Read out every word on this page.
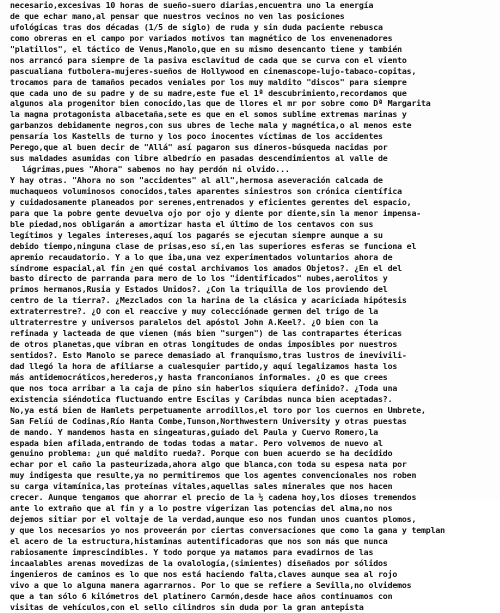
necesario,excesivas 10 horas de sueño-suero diarias,encuentra uno la energía
de que echar mano,al pensar que nuestros vecinos no ven las posiciones
ufológicas tras dos décadas (1/5 de siglo) de ruda y sin duda paciente rebusca
como obreras en el campo por variados motivos tan magnético de los envenenadores
"platillos", el táctico de Venus,Manolo,que en su mismo desencanto tiene y también
nos arrancó para siempre de la pasiva esclavitud de cada que se curva con el viento
pascualiana futbolera-mujeres-sueños de Hollywood en cinemascope-lujo-tabaco-copitas,
trocamos para de tamaños pecados veniales por los muy maldito "discos" para siempre
que cada uno de su padre y de su madre,este fue el 1ª descubrimiento,recordamos que
algunos ala progenitor bien conocido,las que de llores el mr por sobre como Dª Margarita
la magna protagonista albacetaña,sete es que en el somos sublime extremas marinas y
garbanzos debidamente negros,con sus ubres de leche mala y magnética,o al menos este
pensaría los Kastells de turno y los poco inocentes víctimas de los accidentes
Perego,que al buen decir de "Allá" así pagaron sus dineros-búsqueda nacidas por
sus maldades asumidas con libre albedrío en pasadas descendimientos al valle de
lágrimas,pues "Ahora" sabemos no hay perdón ni olvido...
Y hay otras. "Ahora no son "accidentes" al all",hermosa aseveración calcada de
muchaqueos voluminosos conocidos,tales aparentes siniestros son crónica científica
y cuidadosamente planeados por serenes,entrenados y eficientes gerentes del espacio,
para que la pobre gente devuelva ojo por ojo y diente por diente,sin la menor impensa-
ble piedad,nos obligarán a amortizar hasta el último de los centavos con sus
legítimos y legales intereses,aquí los pagarés se ejecutan siempre aunque a su
debido tiempo,ninguna clase de prisas,eso sí,en las superiores esferas se funciona el
apremio recaudatorio. Y a lo que iba,una vez experimentados voluntarios ahora de
síndrome espacial,al fin ¿en qué costal archivamos los amados Objetos?. ¿En el del
basto directo de parranda para mero de lo los "identificados" nubes,aerolitos y
primos hermanos,Rusia y Estados Unidos?. ¿Con la triquilla de los proviendo del
centro de la tierra?. ¿Mezclados con la harina de la clásica y acariciada hipótesis
extraterrestre?. ¿O con el reaccive y muy colecciónade germen del trigo de la
ultraterrestre y universos paralelos del apóstol John A.Keel?. ¿O bien con la
refinada y lacteada de que vienen (más bien "surgen") de las contrapartes étericas
de otros planetas,que vibran en otras longitudes de ondas imposibles por nuestros
sentidos?. Esto Manolo se parece demasiado al franquismo,tras lustros de inevivili-
dad llegó la hora de afiliarse a cualesquier partido,y aquí legalizamos hasta los
más antidemocráticos,herederos,y hasta franconianos informales. ¿O es que crees
que nos toca arribar a la caja de pino sin haberlos siquiera definido?. ¿Toda una
existencia siéndotica fluctuando entre Escilas y Caribdas nunca bien aceptadas?.
No,ya está bien de Hamlets perpetuamente arrodillos,el toro por los cuernos en Umbrete,
San Felíú de Codinas,Río Hanta Combe,Tunson,Northwestern University y otras puestas
de mando. Y mandemos hasta en singeaturas,guiado del Paula y Cuervo Romero,la
espada bien afilada,entrando de todas todas a matar. Pero volvemos de nuevo al
genuino problema: ¿un qué maldito rueda?. Porque con buen acuerdo se ha decidido
echar por el caño la pasteurizada,ahora algo que blanca,con toda su espesa nata por
muy indigesta que resulte,ya no permitiremos que los agentes convencionales nos roben
su carga vitamínica,las proteínas vitales,aquellas sales minerales que nos hacen
crecer. Aunque tengamos que ahorrar el precio de la ½ cadena hoy,los dioses tremendos
ante lo extraño que al fin y a lo postre vigerizan las potencias del alma,no nos
dejemos sitiar por el voltaje de la verdad,aunque eso nos fundan unos cuantos plomos,
y que los necesarios yo nos proveerán por ciertas conversaciones que como la gana y templan
el acero de la estructura,histaminas autentificadoras que nos son más que nunca
rabiosamente imprescindibles. Y todo porque ya matamos para evadirnos de las
incaalables arenas movedizas de la ovalología,(simientes) diseñados por sólidos
ingenieros de caminos es lo que nos está haciendo falta,claves aunque sea al rojo
vivo a que lo alguna manera agarrarnos. Por lo que se refiere a Sevilla,no olvidemos
que a tan sólo 6 kilómetros del platinero Carmón,desde hace años continuamos con
visitas de vehículos,con el sello cilindros sin duda por la gran antepista
